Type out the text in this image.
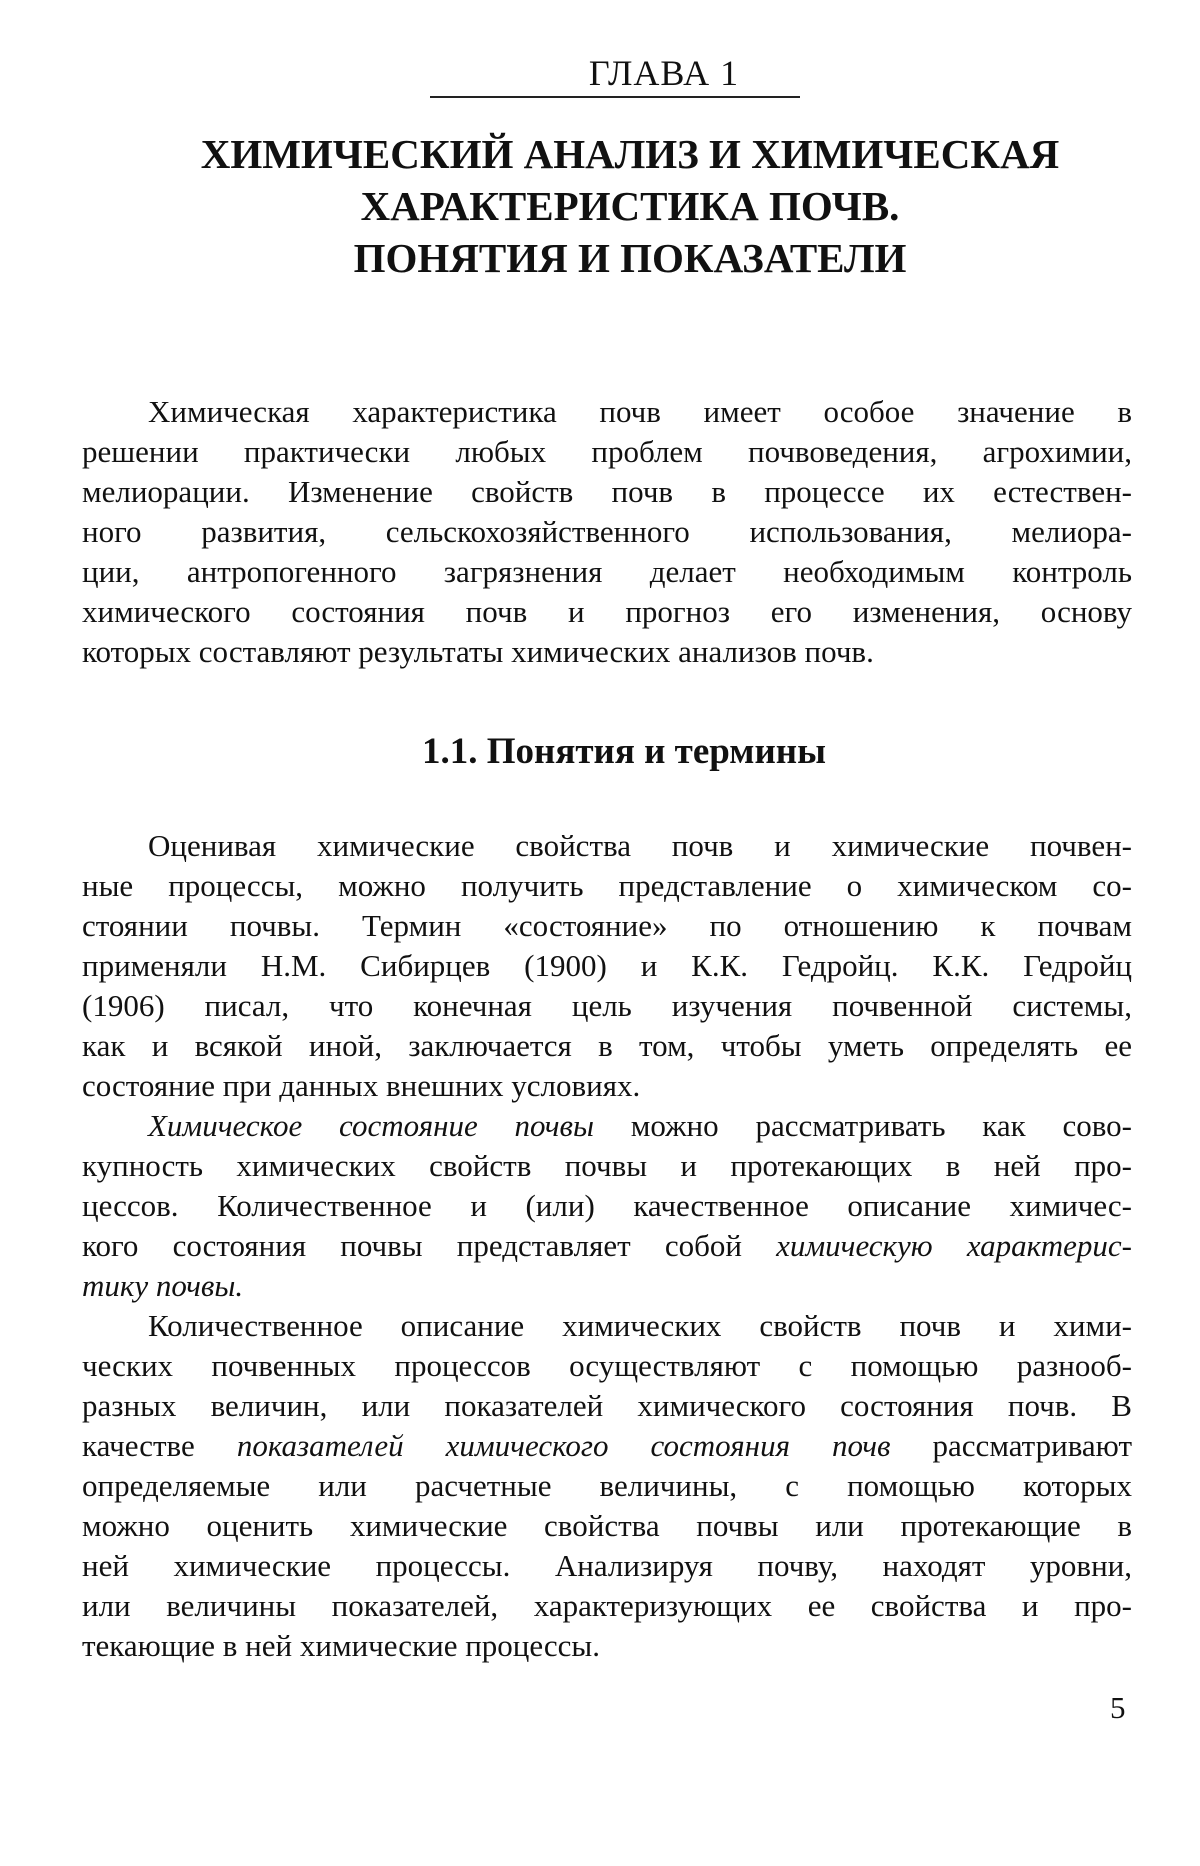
ГЛАВА 1
ХИМИЧЕСКИЙ АНАЛИЗ И ХИМИЧЕСКАЯ
ХАРАКТЕРИСТИКА ПОЧВ.
ПОНЯТИЯ И ПОКАЗАТЕЛИ
Химическая характеристика почв имеет особое значение в
решении практически любых проблем почвоведения, агрохимии,
мелиорации. Изменение свойств почв в процессе их естествен-
ного развития, сельскохозяйственного использования, мелиора-
ции, антропогенного загрязнения делает необходимым контроль
химического состояния почв и прогноз его изменения, основу
которых составляют результаты химических анализов почв.
1.1. Понятия и термины
Оценивая химические свойства почв и химические почвен-
ные процессы, можно получить представление о химическом со-
стоянии почвы. Термин «состояние» по отношению к почвам
применяли Н.М. Сибирцев (1900) и К.К. Гедройц. К.К. Гедройц
(1906) писал, что конечная цель изучения почвенной системы,
как и всякой иной, заключается в том, чтобы уметь определять ее
состояние при данных внешних условиях.
Химическое состояние почвы можно рассматривать как сово-
купность химических свойств почвы и протекающих в ней про-
цессов. Количественное и (или) качественное описание химичес-
кого состояния почвы представляет собой химическую характерис-
тику почвы.
Количественное описание химических свойств почв и хими-
ческих почвенных процессов осуществляют с помощью разнооб-
разных величин, или показателей химического состояния почв. В
качестве показателей химического состояния почв рассматривают
определяемые или расчетные величины, с помощью которых
можно оценить химические свойства почвы или протекающие в
ней химические процессы. Анализируя почву, находят уровни,
или величины показателей, характеризующих ее свойства и про-
текающие в ней химические процессы.
5
